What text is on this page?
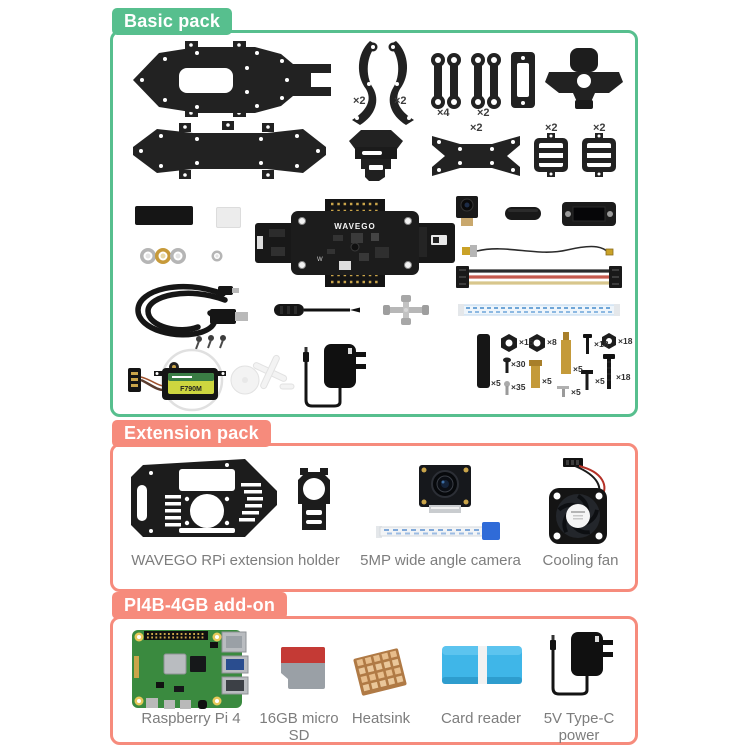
Basic pack
×2	×2
×4 ×2
×2	×2	×2
WAVEGO
W
F790M
×5
×15
×30
×35
×8
×5
×5
×5
×18
×5
×18
×18
Extension pack
WAVEGO RPi extension holder	5MP wide angle camera	Cooling fan
PI4B-4GB add-on
Raspberry Pi 4	16GB micro SD
Heatsink	Card reader	5V Type-C power
